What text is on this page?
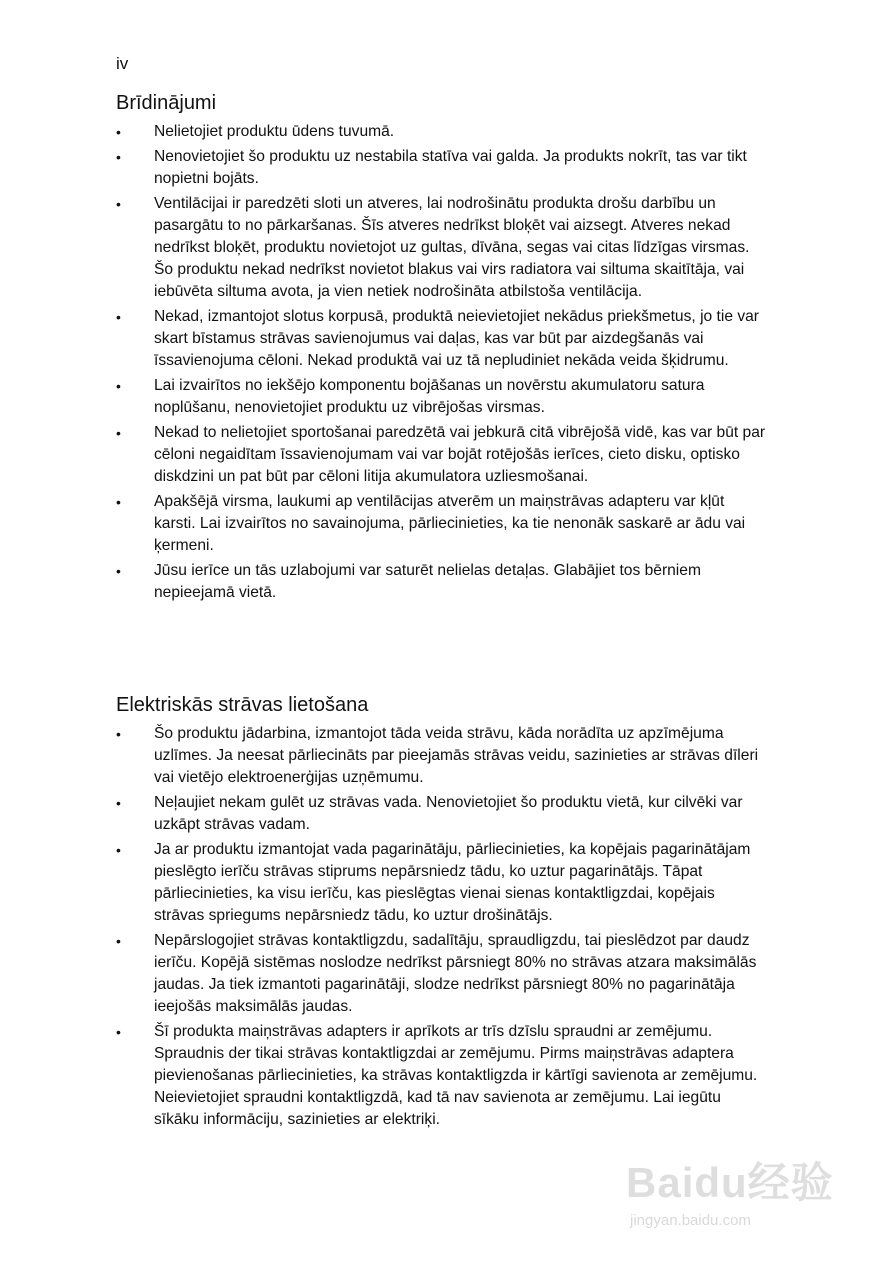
iv
Brīdinājumi
• Nelietojiet produktu ūdens tuvumā.
• Nenovietojiet šo produktu uz nestabila statīva vai galda. Ja produkts nokrīt, tas var tikt nopietni bojāts.
• Ventilācijai ir paredzēti sloti un atveres, lai nodrošinātu produkta drošu darbību un pasargātu to no pārkaršanas. Šīs atveres nedrīkst bloķēt vai aizsegt. Atveres nekad nedrīkst bloķēt, produktu novietojot uz gultas, dīvāna, segas vai citas līdzīgas virsmas. Šo produktu nekad nedrīkst novietot blakus vai virs radiatora vai siltuma skaitītāja, vai iebūvēta siltuma avota, ja vien netiek nodrošināta atbilstoša ventilācija.
• Nekad, izmantojot slotus korpusā, produktā neievietojiet nekādus priekšmetus, jo tie var skart bīstamus strāvas savienojumus vai daļas, kas var būt par aizdegšanās vai īssavienojuma cēloni. Nekad produktā vai uz tā nepludiniet nekāda veida šķidrumu.
• Lai izvairītos no iekšējo komponentu bojāšanas un novērstu akumulatoru satura noplūšanu, nenovietojiet produktu uz vibrējošas virsmas.
• Nekad to nelietojiet sportošanai paredzētā vai jebkurā citā vibrējošā vidē, kas var būt par cēloni negaidītam īssavienojumam vai var bojāt rotējošās ierīces, cieto disku, optisko diskdzini un pat būt par cēloni litija akumulatora uzliesmošanai.
• Apakšējā virsma, laukumi ap ventilācijas atverēm un maiņstrāvas adapteru var kļūt karsti. Lai izvairītos no savainojuma, pārliecinieties, ka tie nenonāk saskarē ar ādu vai ķermeni.
• Jūsu ierīce un tās uzlabojumi var saturēt nelielas detaļas. Glabājiet tos bērniem nepieejamā vietā.
Elektriskās strāvas lietošana
• Šo produktu jādarbina, izmantojot tāda veida strāvu, kāda norādīta uz apzīmējuma uzlīmes. Ja neesat pārliecināts par pieejamās strāvas veidu, sazinieties ar strāvas dīleri vai vietējo elektroenerģijas uzņēmumu.
• Neļaujiet nekam gulēt uz strāvas vada. Nenovietojiet šo produktu vietā, kur cilvēki var uzkāpt strāvas vadam.
• Ja ar produktu izmantojat vada pagarinātāju, pārliecinieties, ka kopējais pagarinātājam pieslēgto ierīču strāvas stiprums nepārsniedz tādu, ko uztur pagarinātājs. Tāpat pārliecinieties, ka visu ierīču, kas pieslēgtas vienai sienas kontaktligzdai, kopējais strāvas spriegums nepārsniedz tādu, ko uztur drošinātājs.
• Nepārslogojiet strāvas kontaktligzdu, sadalītāju, spraudligzdu, tai pieslēdzot par daudz ierīču. Kopējā sistēmas noslodze nedrīkst pārsniegt 80% no strāvas atzara maksimālās jaudas. Ja tiek izmantoti pagarinātāji, slodze nedrīkst pārsniegt 80% no pagarinātāja ieejošās maksimālās jaudas.
• Šī produkta maiņstrāvas adapters ir aprīkots ar trīs dzīslu spraudni ar zemējumu. Spraudnis der tikai strāvas kontaktligzdai ar zemējumu. Pirms maiņstrāvas adaptera pievienošanas pārliecinieties, ka strāvas kontaktligzda ir kārtīgi savienota ar zemējumu. Neievietojiet spraudni kontaktligzdā, kad tā nav savienota ar zemējumu. Lai iegūtu sīkāku informāciju, sazinieties ar elektriķi.
Baidu经验
jingyan.baidu.com
